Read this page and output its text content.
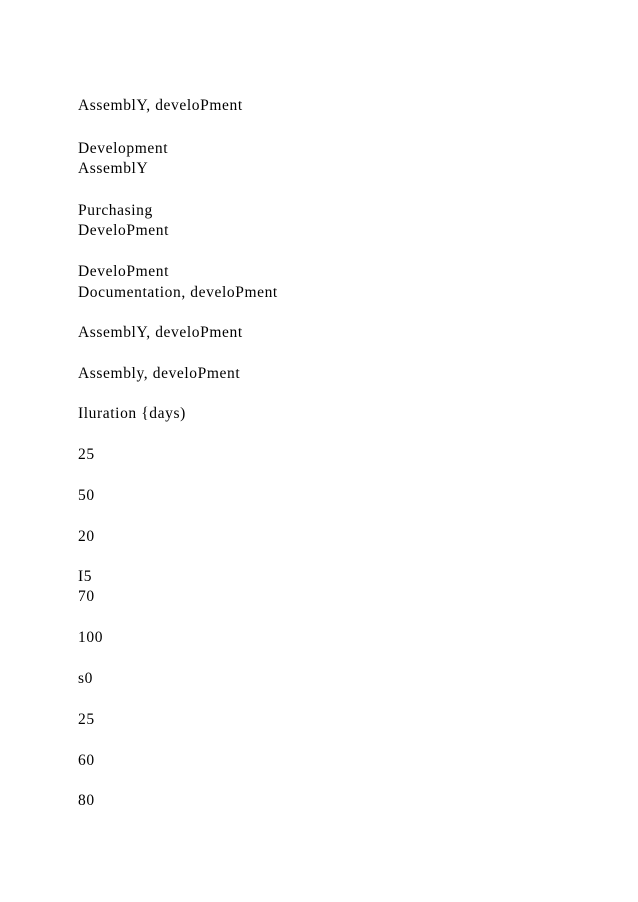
AssemblY, develoPment

Development

AssemblY

Purchasing

DeveloPment

DeveloPment

Documentation, develoPment

AssemblY, develoPment

Assembly, develoPment

Iluration {days)

25

50

20

I5

70

100

s0

25

60

80
